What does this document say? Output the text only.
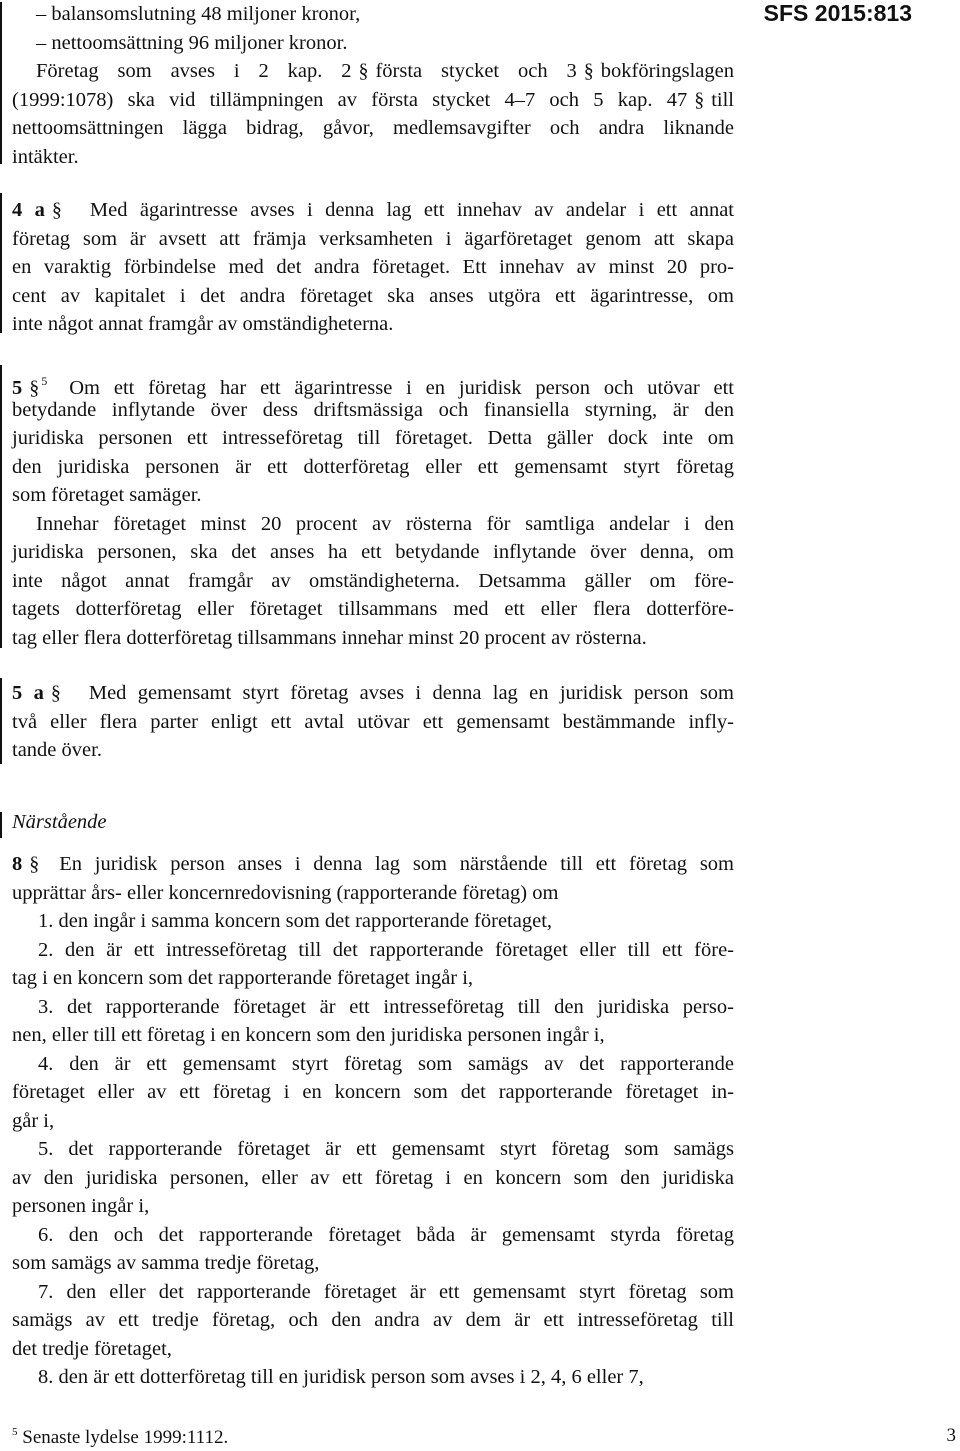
SFS 2015:813
– balansomslutning 48 miljoner kronor,
– nettoomsättning 96 miljoner kronor.
Företag som avses i 2 kap. 2 § första stycket och 3 § bokföringslagen
(1999:1078) ska vid tillämpningen av första stycket 4–7 och 5 kap. 47 § till
nettoomsättningen lägga bidrag, gåvor, medlemsavgifter och andra liknande
intäkter.
4 a § Med ägarintresse avses i denna lag ett innehav av andelar i ett annat
företag som är avsett att främja verksamheten i ägarföretaget genom att skapa
en varaktig förbindelse med det andra företaget. Ett innehav av minst 20 pro-
cent av kapitalet i det andra företaget ska anses utgöra ett ägarintresse, om
inte något annat framgår av omständigheterna.
5 § $^5$ Om ett företag har ett ägarintresse i en juridisk person och utövar ett
betydande inflytande över dess driftsmässiga och finansiella styrning, är den
juridiska personen ett intresseföretag till företaget. Detta gäller dock inte om
den juridiska personen är ett dotterföretag eller ett gemensamt styrt företag
som företaget samäger.
Innehar företaget minst 20 procent av rösterna för samtliga andelar i den
juridiska personen, ska det anses ha ett betydande inflytande över denna, om
inte något annat framgår av omständigheterna. Detsamma gäller om före-
tagets dotterföretag eller företaget tillsammans med ett eller flera dotterföre-
tag eller flera dotterföretag tillsammans innehar minst 20 procent av rösterna.
5 a § Med gemensamt styrt företag avses i denna lag en juridisk person som
två eller flera parter enligt ett avtal utövar ett gemensamt bestämmande infly-
tande över.
Närstående
8 § En juridisk person anses i denna lag som närstående till ett företag som
upprättar års- eller koncernredovisning (rapporterande företag) om
1. den ingår i samma koncern som det rapporterande företaget,
2. den är ett intresseföretag till det rapporterande företaget eller till ett före-
tag i en koncern som det rapporterande företaget ingår i,
3. det rapporterande företaget är ett intresseföretag till den juridiska perso-
nen, eller till ett företag i en koncern som den juridiska personen ingår i,
4. den är ett gemensamt styrt företag som samägs av det rapporterande
företaget eller av ett företag i en koncern som det rapporterande företaget in-
går i,
5. det rapporterande företaget är ett gemensamt styrt företag som samägs
av den juridiska personen, eller av ett företag i en koncern som den juridiska
personen ingår i,
6. den och det rapporterande företaget båda är gemensamt styrda företag
som samägs av samma tredje företag,
7. den eller det rapporterande företaget är ett gemensamt styrt företag som
samägs av ett tredje företag, och den andra av dem är ett intresseföretag till
det tredje företaget,
8. den är ett dotterföretag till en juridisk person som avses i 2, 4, 6 eller 7,
$^5$ Senaste lydelse 1999:1112.	3
